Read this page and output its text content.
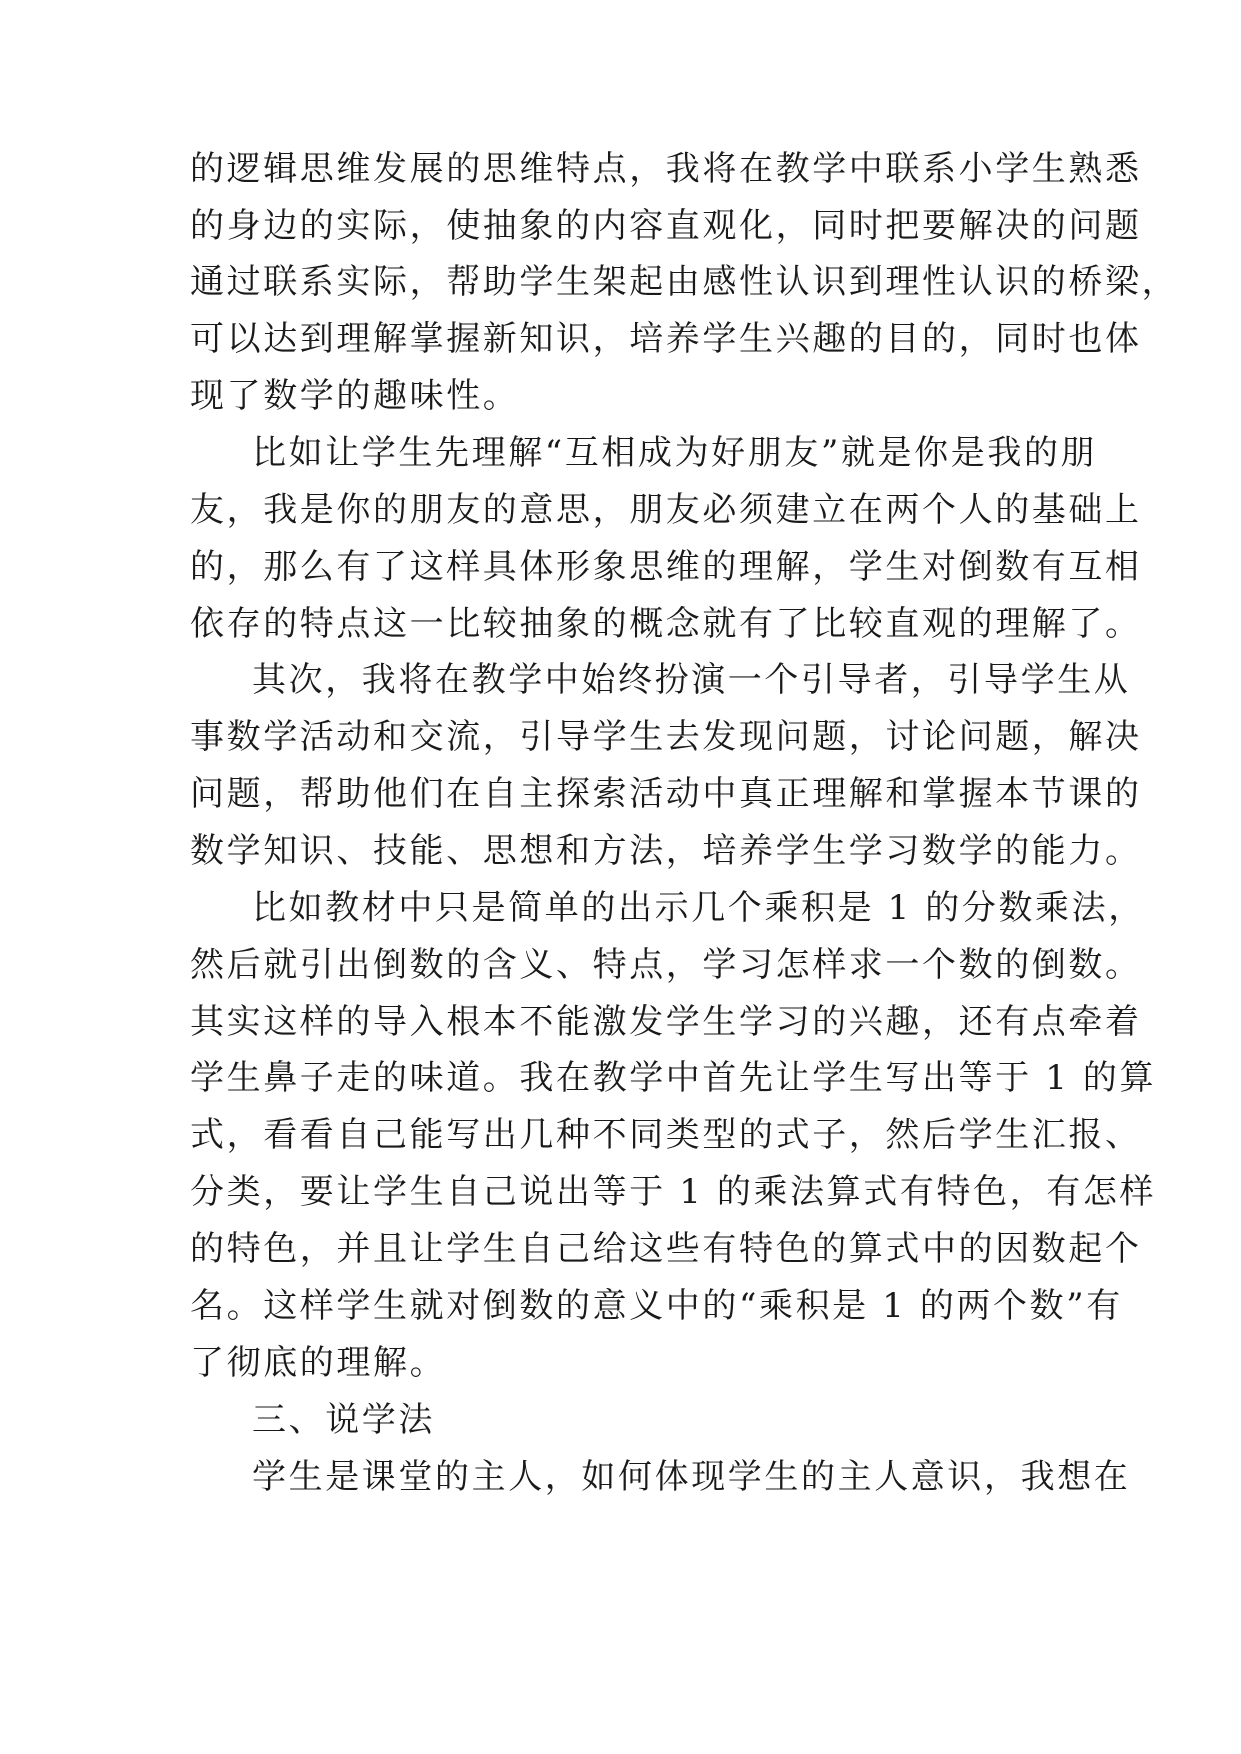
的逻辑思维发展的思维特点，我将在教学中联系小学生熟悉
的身边的实际，使抽象的内容直观化，同时把要解决的问题
通过联系实际，帮助学生架起由感性认识到理性认识的桥梁，
可以达到理解掌握新知识，培养学生兴趣的目的，同时也体
现了数学的趣味性。
比如让学生先理解“互相成为好朋友”就是你是我的朋
友，我是你的朋友的意思，朋友必须建立在两个人的基础上
的，那么有了这样具体形象思维的理解，学生对倒数有互相
依存的特点这一比较抽象的概念就有了比较直观的理解了。
其次，我将在教学中始终扮演一个引导者，引导学生从
事数学活动和交流，引导学生去发现问题，讨论问题，解决
问题，帮助他们在自主探索活动中真正理解和掌握本节课的
数学知识、技能、思想和方法，培养学生学习数学的能力。
比如教材中只是简单的出示几个乘积是 1 的分数乘法，
然后就引出倒数的含义、特点，学习怎样求一个数的倒数。
其实这样的导入根本不能激发学生学习的兴趣，还有点牵着
学生鼻子走的味道。我在教学中首先让学生写出等于 1 的算
式，看看自己能写出几种不同类型的式子，然后学生汇报、
分类，要让学生自己说出等于 1 的乘法算式有特色，有怎样
的特色，并且让学生自己给这些有特色的算式中的因数起个
名。这样学生就对倒数的意义中的“乘积是 1 的两个数”有
了彻底的理解。
三、说学法
学生是课堂的主人，如何体现学生的主人意识，我想在
